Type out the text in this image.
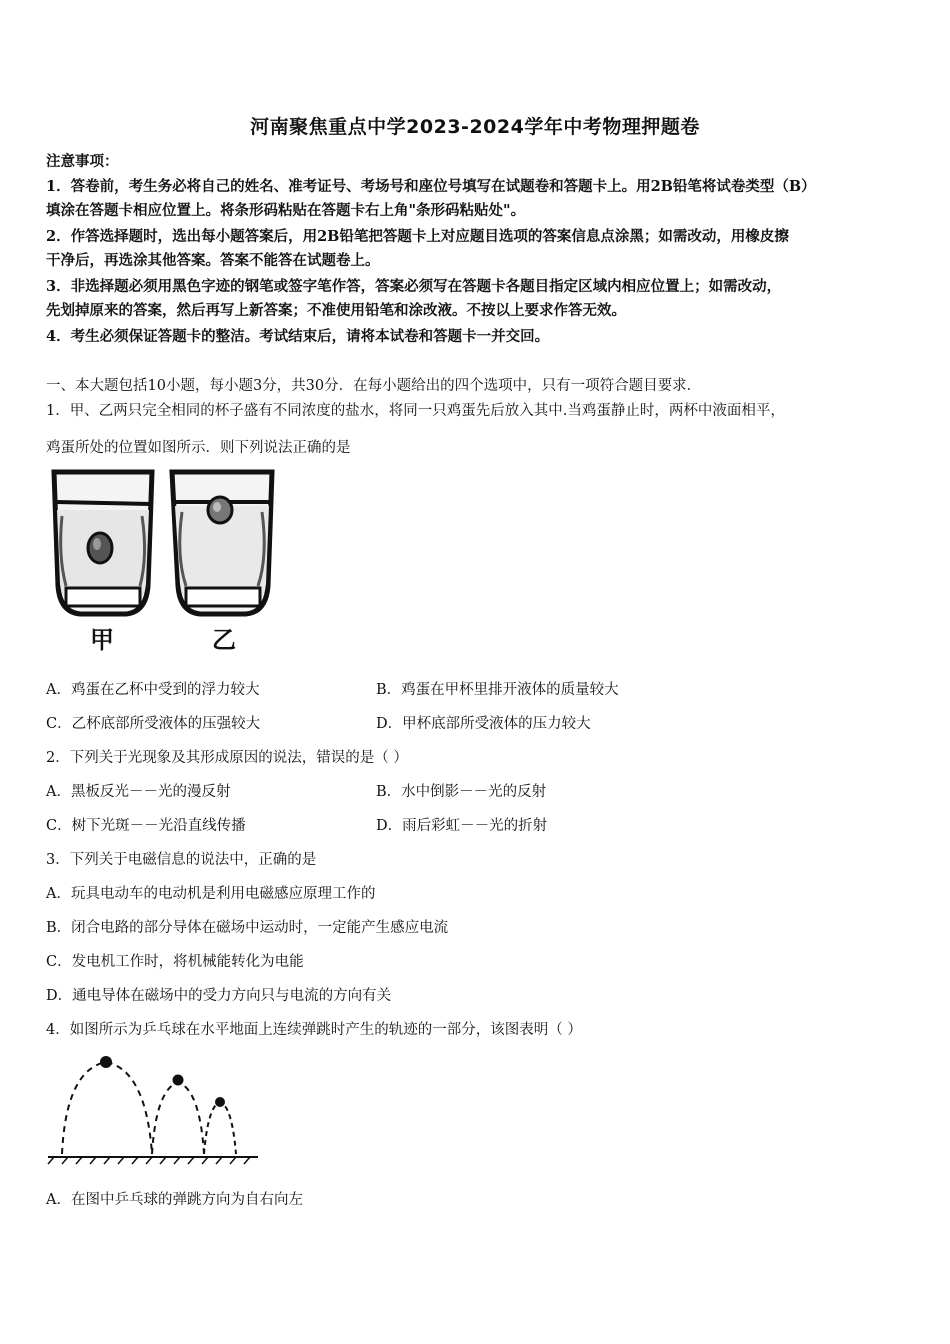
河南聚焦重点中学2023-2024学年中考物理押题卷
注意事项：
1．答卷前，考生务必将自己的姓名、准考证号、考场号和座位号填写在试题卷和答题卡上。用2B铅笔将试卷类型（B）
填涂在答题卡相应位置上。将条形码粘贴在答题卡右上角"条形码粘贴处"。
2．作答选择题时，选出每小题答案后，用2B铅笔把答题卡上对应题目选项的答案信息点涂黑；如需改动，用橡皮擦
干净后，再选涂其他答案。答案不能答在试题卷上。
3．非选择题必须用黑色字迹的钢笔或签字笔作答，答案必须写在答题卡各题目指定区域内相应位置上；如需改动，
先划掉原来的答案，然后再写上新答案；不准使用铅笔和涂改液。不按以上要求作答无效。
4．考生必须保证答题卡的整洁。考试结束后，请将本试卷和答题卡一并交回。
一、本大题包括10小题，每小题3分，共30分．在每小题给出的四个选项中，只有一项符合题目要求．
1．甲、乙两只完全相同的杯子盛有不同浓度的盐水，将同一只鸡蛋先后放入其中.当鸡蛋静止时，两杯中液面相平，
鸡蛋所处的位置如图所示．则下列说法正确的是
甲	乙
A．鸡蛋在乙杯中受到的浮力较大	B．鸡蛋在甲杯里排开液体的质量较大
C．乙杯底部所受液体的压强较大	D．甲杯底部所受液体的压力较大
2．下列关于光现象及其形成原因的说法，错误的是（ ）
A．黑板反光－－光的漫反射	B．水中倒影－－光的反射
C．树下光斑－－光沿直线传播	D．雨后彩虹－－光的折射
3．下列关于电磁信息的说法中，正确的是
A．玩具电动车的电动机是利用电磁感应原理工作的
B．闭合电路的部分导体在磁场中运动时，一定能产生感应电流
C．发电机工作时，将机械能转化为电能
D．通电导体在磁场中的受力方向只与电流的方向有关
4．如图所示为乒乓球在水平地面上连续弹跳时产生的轨迹的一部分，该图表明（ ）
A．在图中乒乓球的弹跳方向为自右向左
